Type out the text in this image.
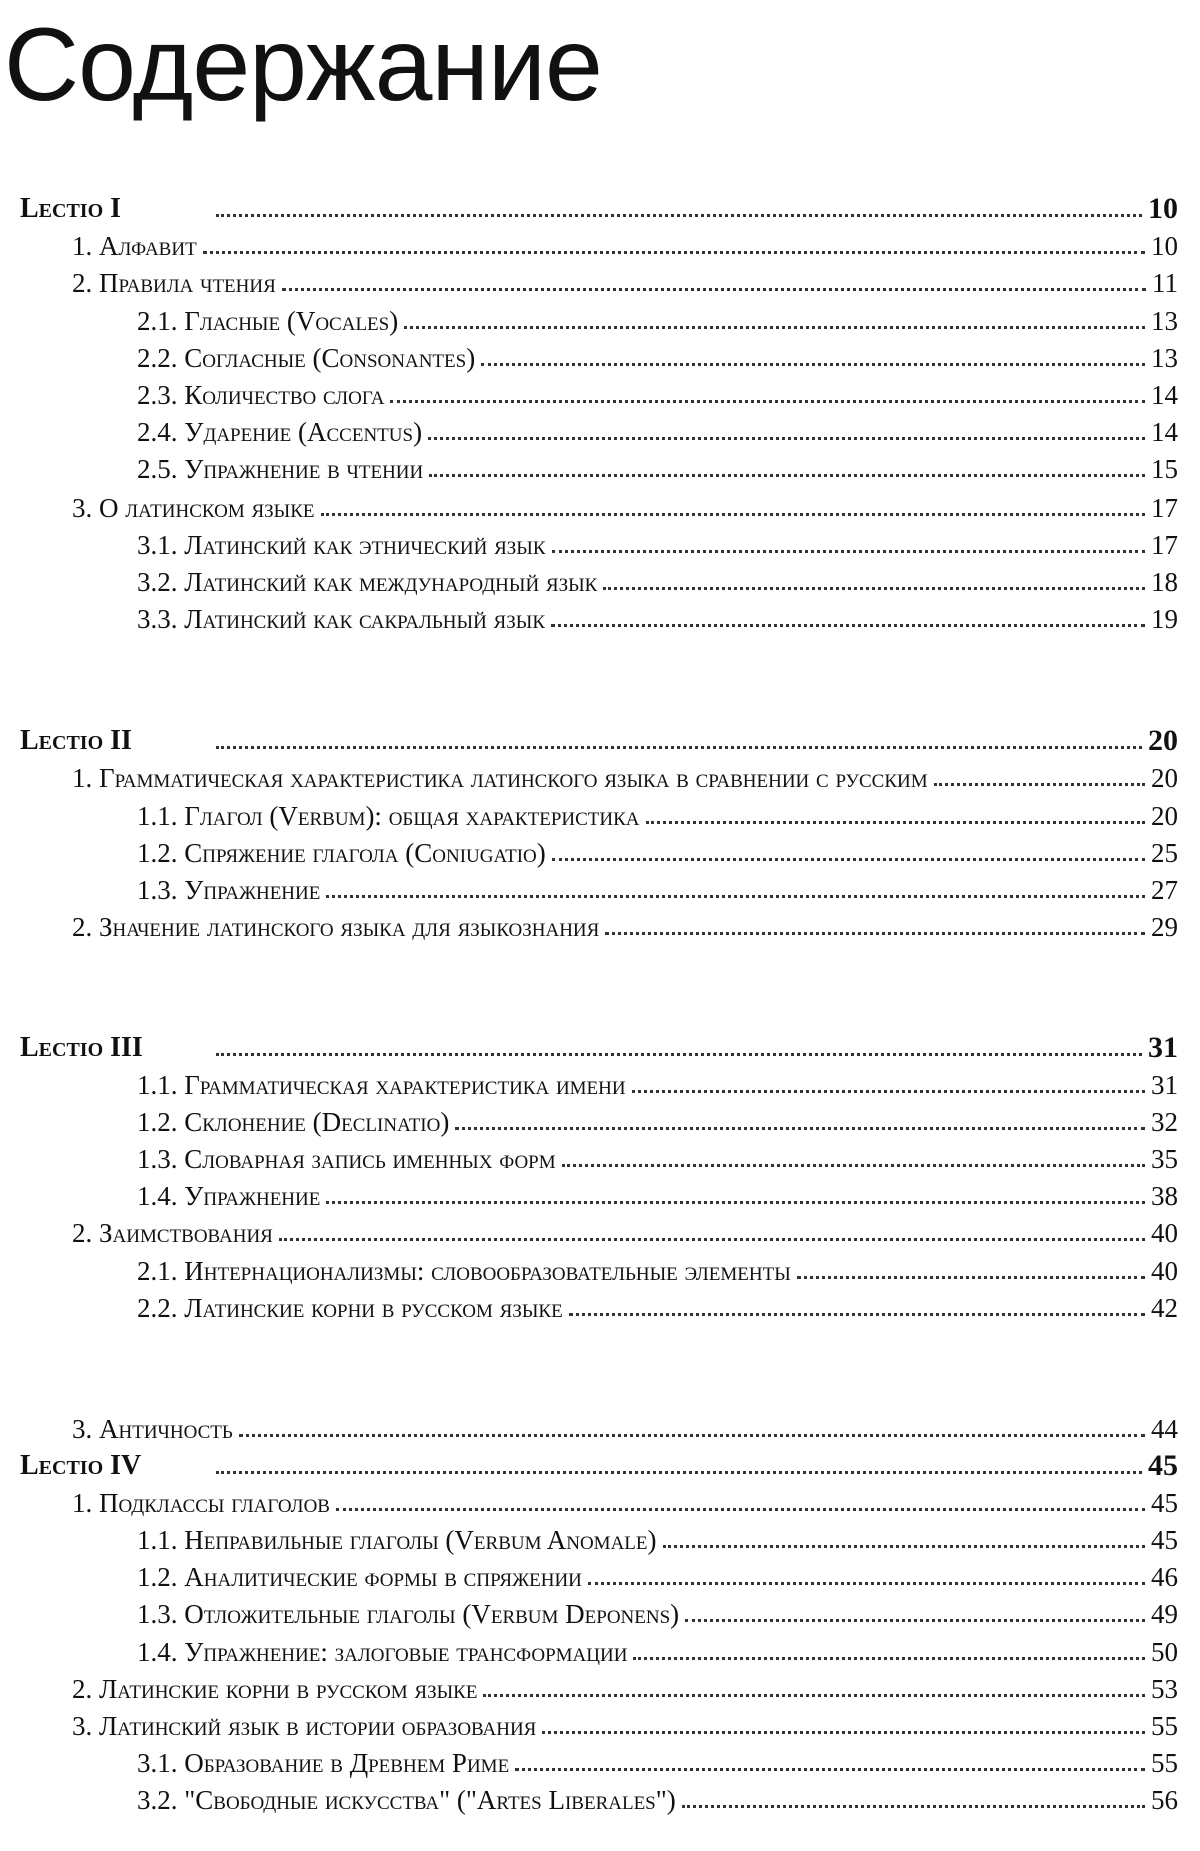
Содержание
Lectio I	10
1. Алфавит	10
2. Правила чтения	11
2.1. Гласные (Vocales)	13
2.2. Согласные (Consonantes)	13
2.3. Количество слога	14
2.4. Ударение (Accentus)	14
2.5. Упражнение в чтении	15
3. О латинском языке	17
3.1. Латинский как этнический язык	17
3.2. Латинский как международный язык	18
3.3. Латинский как сакральный язык	19
Lectio II	20
1. Грамматическая характеристика латинского языка в сравнении с русским	20
1.1. Глагол (Verbum): общая характеристика	20
1.2. Спряжение глагола (Coniugatio)	25
1.3. Упражнение	27
2. Значение латинского языка для языкознания	29
Lectio III	31
1.1. Грамматическая характеристика имени	31
1.2. Склонение (Declinatio)	32
1.3. Словарная запись именных форм	35
1.4. Упражнение	38
2. Заимствования	40
2.1. Интернационализмы: словообразовательные элементы	40
2.2. Латинские корни в русском языке	42
3. Античность	44
Lectio IV	45
1. Подклассы глаголов	45
1.1. Неправильные глаголы (Verbum Anomale)	45
1.2. Аналитические формы в спряжении	46
1.3. Отложительные глаголы (Verbum Deponens)	49
1.4. Упражнение: залоговые трансформации	50
2. Латинские корни в русском языке	53
3. Латинский язык в истории образования	55
3.1. Образование в Древнем Риме	55
3.2. "Свободные искусства" ("Artes Liberales")	56
